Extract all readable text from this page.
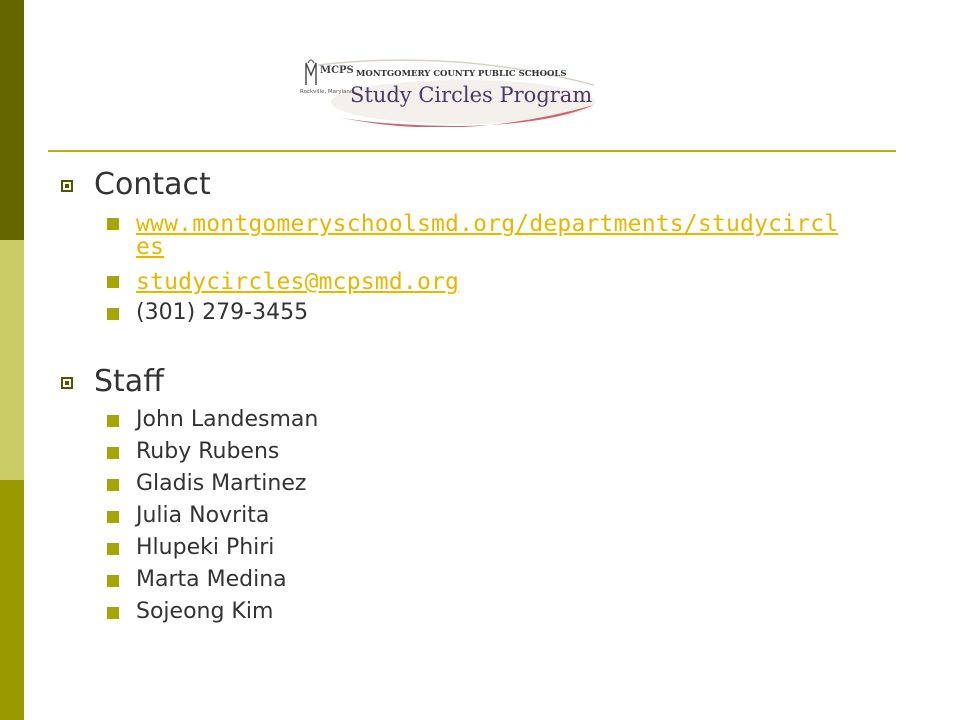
MCPS MONTGOMERY COUNTY PUBLIC SCHOOLS
Rockville, Maryland
Study Circles Program
Contact
www.montgomeryschoolsmd.org/departments/studycircl
es
studycircles@mcpsmd.org
(301) 279-3455
Staff
John Landesman
Ruby Rubens
Gladis Martinez
Julia Novrita
Hlupeki Phiri
Marta Medina
Sojeong Kim
